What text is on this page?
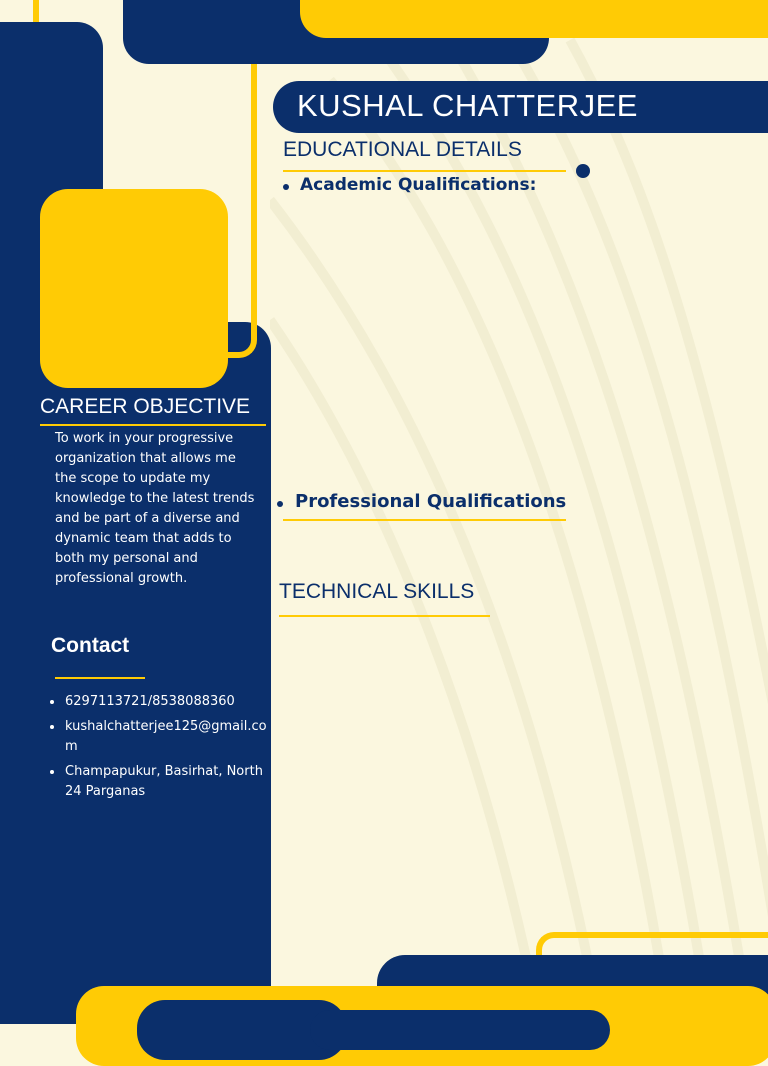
KUSHAL CHATTERJEE
EDUCATIONAL DETAILS
Academic Qualifications:
Professional Qualifications
TECHNICAL SKILLS
CAREER OBJECTIVE
To work in your progressive organization that allows me the scope to update my knowledge to the latest trends and be part of a diverse and dynamic team that adds to both my personal and professional growth.
Contact
6297113721/8538088360
kushalchatterjee125@gmail.com
Champapukur, Basirhat, North 24 Parganas
